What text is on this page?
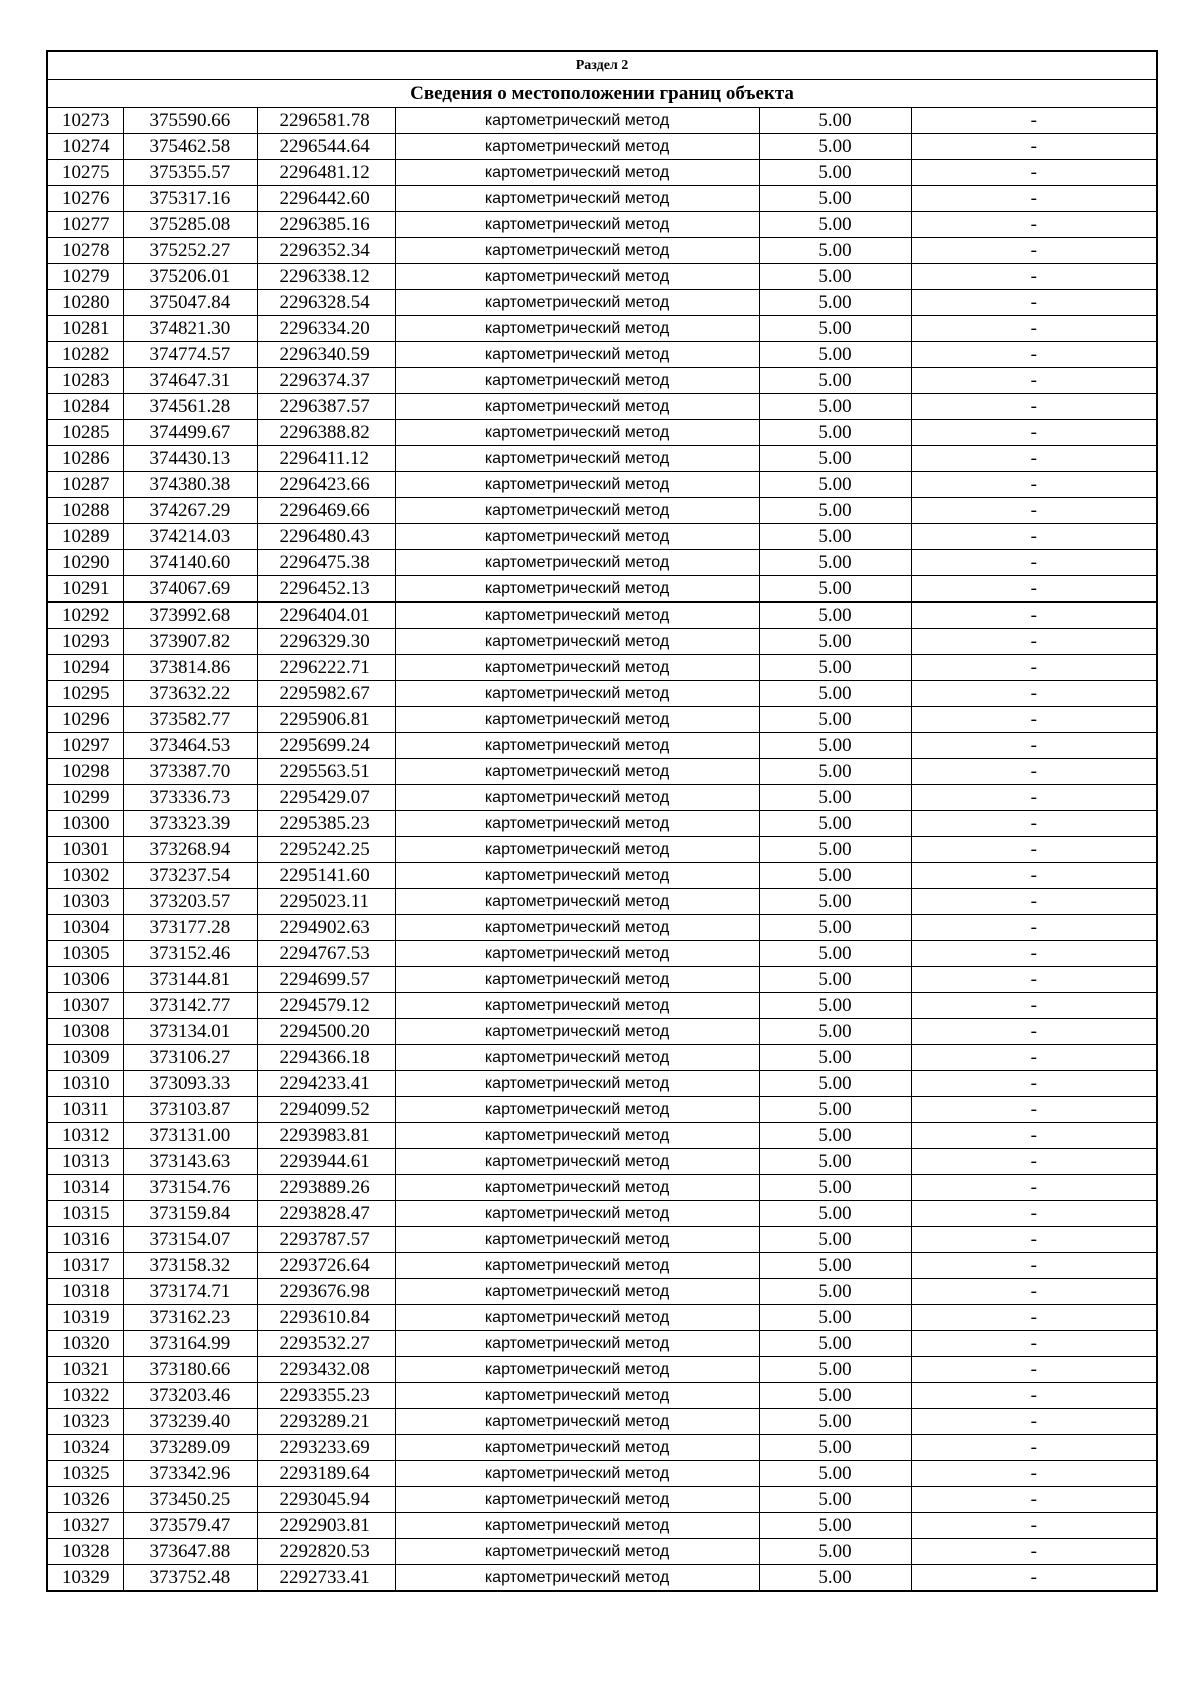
Раздел 2					
Сведения о местоположении границ объекта					
10273	375590.66	2296581.78	картометрический метод	5.00	-
10274	375462.58	2296544.64	картометрический метод	5.00	-
10275	375355.57	2296481.12	картометрический метод	5.00	-
10276	375317.16	2296442.60	картометрический метод	5.00	-
10277	375285.08	2296385.16	картометрический метод	5.00	-
10278	375252.27	2296352.34	картометрический метод	5.00	-
10279	375206.01	2296338.12	картометрический метод	5.00	-
10280	375047.84	2296328.54	картометрический метод	5.00	-
10281	374821.30	2296334.20	картометрический метод	5.00	-
10282	374774.57	2296340.59	картометрический метод	5.00	-
10283	374647.31	2296374.37	картометрический метод	5.00	-
10284	374561.28	2296387.57	картометрический метод	5.00	-
10285	374499.67	2296388.82	картометрический метод	5.00	-
10286	374430.13	2296411.12	картометрический метод	5.00	-
10287	374380.38	2296423.66	картометрический метод	5.00	-
10288	374267.29	2296469.66	картометрический метод	5.00	-
10289	374214.03	2296480.43	картометрический метод	5.00	-
10290	374140.60	2296475.38	картометрический метод	5.00	-
10291	374067.69	2296452.13	картометрический метод	5.00	-
10292	373992.68	2296404.01	картометрический метод	5.00	-
10293	373907.82	2296329.30	картометрический метод	5.00	-
10294	373814.86	2296222.71	картометрический метод	5.00	-
10295	373632.22	2295982.67	картометрический метод	5.00	-
10296	373582.77	2295906.81	картометрический метод	5.00	-
10297	373464.53	2295699.24	картометрический метод	5.00	-
10298	373387.70	2295563.51	картометрический метод	5.00	-
10299	373336.73	2295429.07	картометрический метод	5.00	-
10300	373323.39	2295385.23	картометрический метод	5.00	-
10301	373268.94	2295242.25	картометрический метод	5.00	-
10302	373237.54	2295141.60	картометрический метод	5.00	-
10303	373203.57	2295023.11	картометрический метод	5.00	-
10304	373177.28	2294902.63	картометрический метод	5.00	-
10305	373152.46	2294767.53	картометрический метод	5.00	-
10306	373144.81	2294699.57	картометрический метод	5.00	-
10307	373142.77	2294579.12	картометрический метод	5.00	-
10308	373134.01	2294500.20	картометрический метод	5.00	-
10309	373106.27	2294366.18	картометрический метод	5.00	-
10310	373093.33	2294233.41	картометрический метод	5.00	-
10311	373103.87	2294099.52	картометрический метод	5.00	-
10312	373131.00	2293983.81	картометрический метод	5.00	-
10313	373143.63	2293944.61	картометрический метод	5.00	-
10314	373154.76	2293889.26	картометрический метод	5.00	-
10315	373159.84	2293828.47	картометрический метод	5.00	-
10316	373154.07	2293787.57	картометрический метод	5.00	-
10317	373158.32	2293726.64	картометрический метод	5.00	-
10318	373174.71	2293676.98	картометрический метод	5.00	-
10319	373162.23	2293610.84	картометрический метод	5.00	-
10320	373164.99	2293532.27	картометрический метод	5.00	-
10321	373180.66	2293432.08	картометрический метод	5.00	-
10322	373203.46	2293355.23	картометрический метод	5.00	-
10323	373239.40	2293289.21	картометрический метод	5.00	-
10324	373289.09	2293233.69	картометрический метод	5.00	-
10325	373342.96	2293189.64	картометрический метод	5.00	-
10326	373450.25	2293045.94	картометрический метод	5.00	-
10327	373579.47	2292903.81	картометрический метод	5.00	-
10328	373647.88	2292820.53	картометрический метод	5.00	-
10329	373752.48	2292733.41	картометрический метод	5.00	-
